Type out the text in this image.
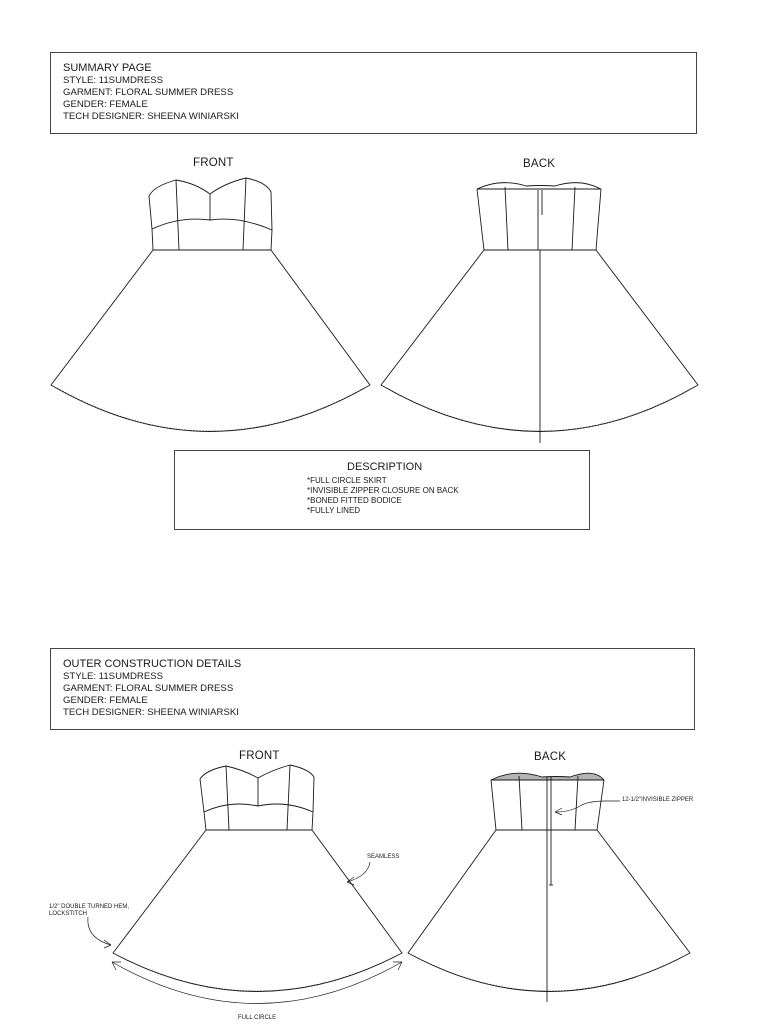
SUMMARY PAGE
STYLE: 11SUMDRESS
GARMENT: FLORAL SUMMER DRESS
GENDER: FEMALE
TECH DESIGNER: SHEENA WINIARSKI
FRONT	BACK
DESCRIPTION
*FULL CIRCLE SKIRT
*INVISIBLE ZIPPER CLOSURE ON BACK
*BONED FITTED BODICE
*FULLY LINED
OUTER CONSTRUCTION DETAILS
STYLE: 11SUMDRESS
GARMENT: FLORAL SUMMER DRESS
GENDER: FEMALE
TECH DESIGNER: SHEENA WINIARSKI
FRONT	BACK
12-1/2"INVISIBLE ZIPPER
SEAMLESS
1/2" DOUBLE TURNED HEM,
LOCKSTITCH
FULL CIRCLE
